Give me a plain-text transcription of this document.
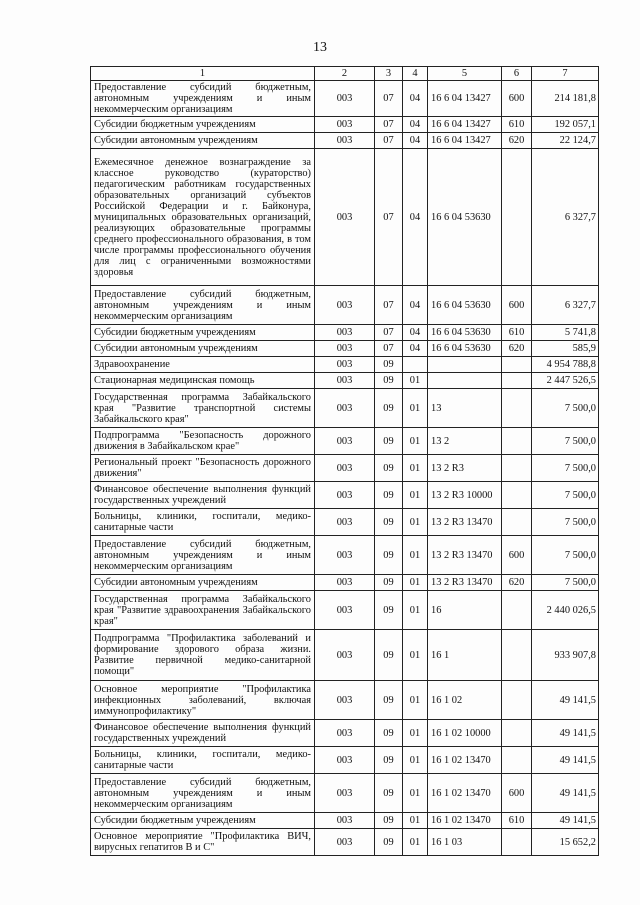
13
1	2	3	4	5	6	7
Предоставление субсидий бюджетным, автономным учреждениям и иным некоммерческим организациям	003	07	04	16 6 04 13427	600	214 181,8
Субсидии бюджетным учреждениям	003	07	04	16 6 04 13427	610	192 057,1
Субсидии автономным учреждениям	003	07	04	16 6 04 13427	620	22 124,7
Ежемесячное денежное вознаграждение за классное руководство (кураторство) педагогическим работникам государственных образовательных организаций субъектов Российской Федерации и г. Байконура, муниципальных образовательных организаций, реализующих образовательные программы среднего профессионального образования, в том числе программы профессионального обучения для лиц с ограниченными возможностями здоровья	003	07	04	16 6 04 53630		6 327,7
Предоставление субсидий бюджетным, автономным учреждениям и иным некоммерческим организациям	003	07	04	16 6 04 53630	600	6 327,7
Субсидии бюджетным учреждениям	003	07	04	16 6 04 53630	610	5 741,8
Субсидии автономным учреждениям	003	07	04	16 6 04 53630	620	585,9
Здравоохранение	003	09				4 954 788,8
Стационарная медицинская помощь	003	09	01			2 447 526,5
Государственная программа Забайкальского края "Развитие транспортной системы Забайкальского края"	003	09	01	13		7 500,0
Подпрограмма "Безопасность дорожного движения в Забайкальском крае"	003	09	01	13 2		7 500,0
Региональный проект "Безопасность дорожного движения"	003	09	01	13 2 R3		7 500,0
Финансовое обеспечение выполнения функций государственных учреждений	003	09	01	13 2 R3 10000		7 500,0
Больницы, клиники, госпитали, медико-санитарные части	003	09	01	13 2 R3 13470		7 500,0
Предоставление субсидий бюджетным, автономным учреждениям и иным некоммерческим организациям	003	09	01	13 2 R3 13470	600	7 500,0
Субсидии автономным учреждениям	003	09	01	13 2 R3 13470	620	7 500,0
Государственная программа Забайкальского края "Развитие здравоохранения Забайкальского края"	003	09	01	16		2 440 026,5
Подпрограмма "Профилактика заболеваний и формирование здорового образа жизни. Развитие первичной медико-санитарной помощи"	003	09	01	16 1		933 907,8
Основное мероприятие "Профилактика инфекционных заболеваний, включая иммунопрофилактику"	003	09	01	16 1 02		49 141,5
Финансовое обеспечение выполнения функций государственных учреждений	003	09	01	16 1 02 10000		49 141,5
Больницы, клиники, госпитали, медико-санитарные части	003	09	01	16 1 02 13470		49 141,5
Предоставление субсидий бюджетным, автономным учреждениям и иным некоммерческим организациям	003	09	01	16 1 02 13470	600	49 141,5
Субсидии бюджетным учреждениям	003	09	01	16 1 02 13470	610	49 141,5
Основное мероприятие "Профилактика ВИЧ, вирусных гепатитов В и С"	003	09	01	16 1 03		15 652,2
